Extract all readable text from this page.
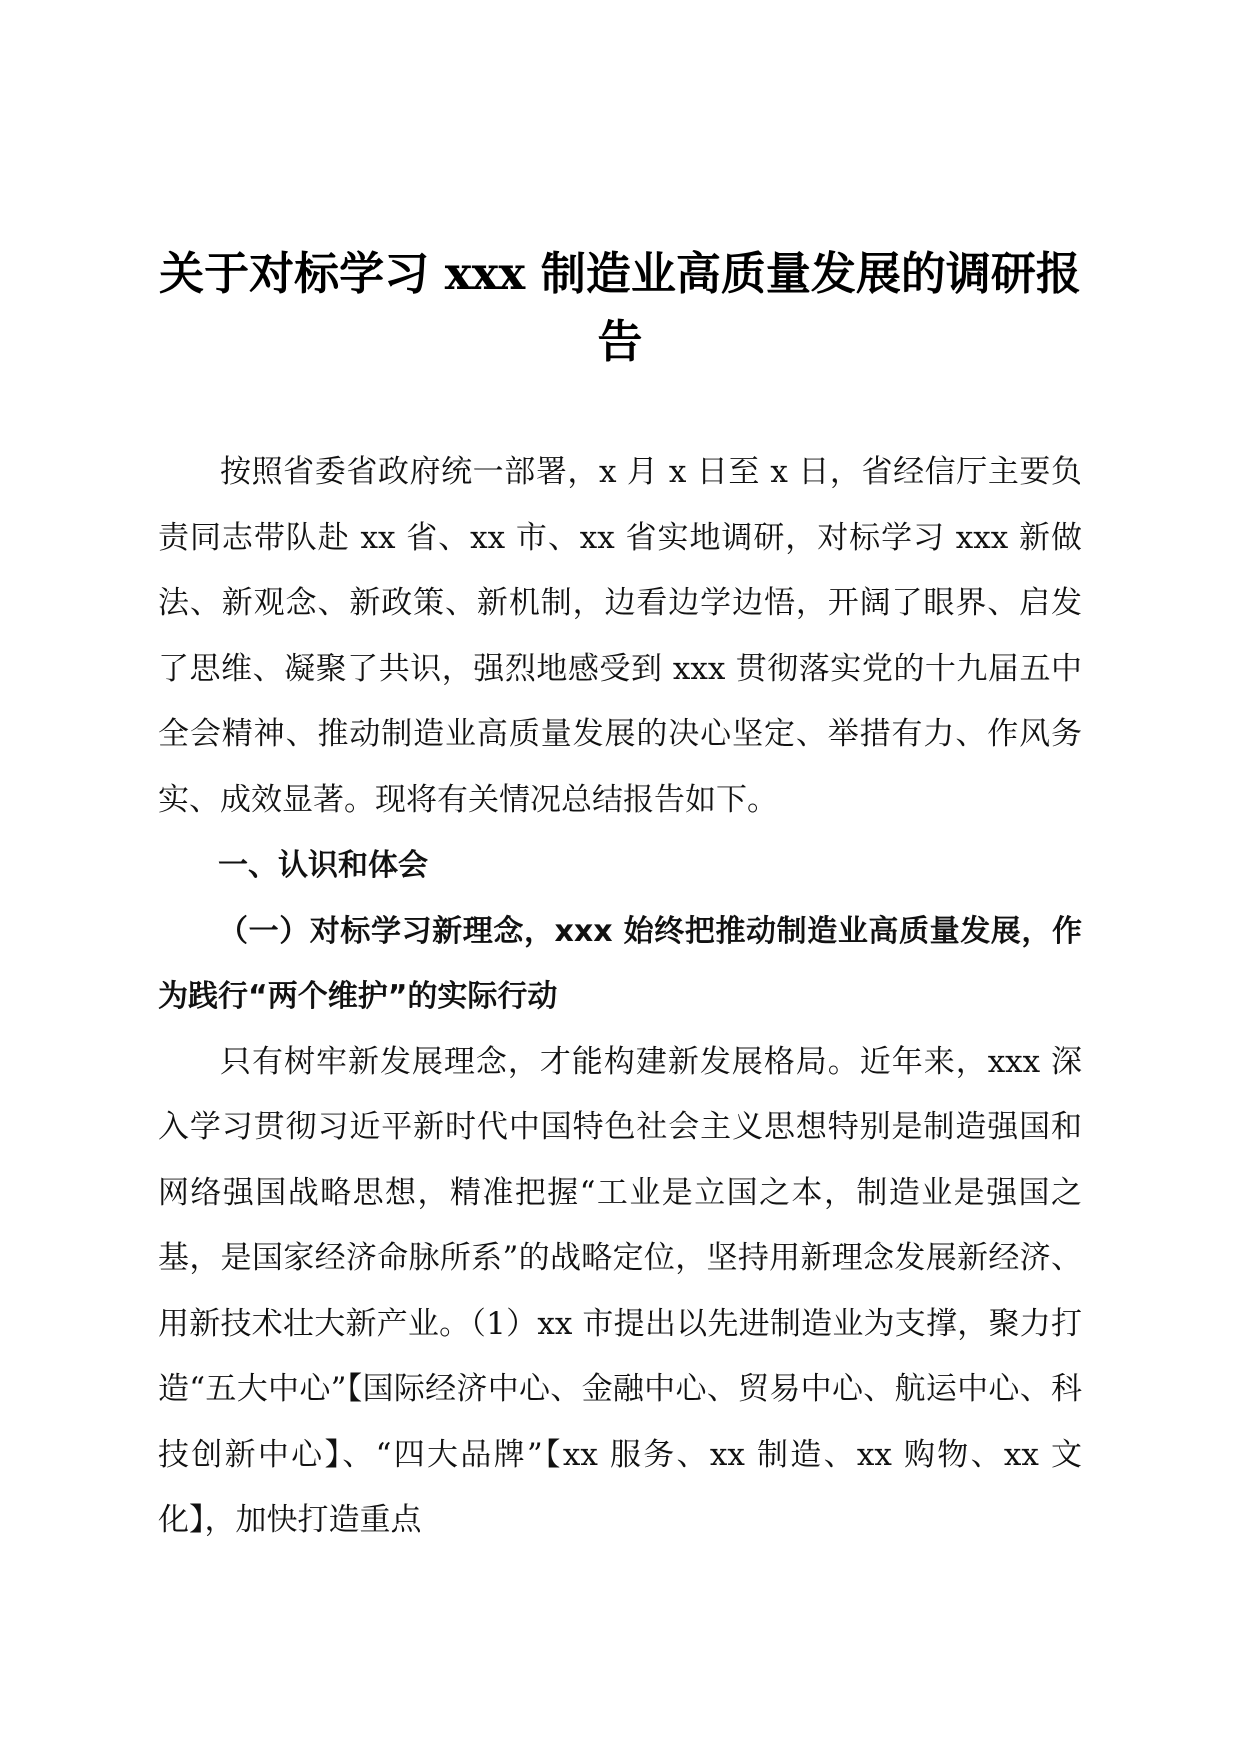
关于对标学习 xxx 制造业高质量发展的调研报告

按照省委省政府统一部署，x 月 x 日至 x 日，省经信厅主要负责同志带队赴 xx 省、xx 市、xx 省实地调研，对标学习 xxx 新做法、新观念、新政策、新机制，边看边学边悟，开阔了眼界、启发了思维、凝聚了共识，强烈地感受到 xxx 贯彻落实党的十九届五中全会精神、推动制造业高质量发展的决心坚定、举措有力、作风务实、成效显著。现将有关情况总结报告如下。

一、认识和体会

（一）对标学习新理念，xxx 始终把推动制造业高质量发展，作为践行“两个维护”的实际行动

只有树牢新发展理念，才能构建新发展格局。近年来，xxx 深入学习贯彻习近平新时代中国特色社会主义思想特别是制造强国和网络强国战略思想，精准把握“工业是立国之本，制造业是强国之基，是国家经济命脉所系”的战略定位，坚持用新理念发展新经济、用新技术壮大新产业。（1）xx 市提出以先进制造业为支撑，聚力打造“五大中心”【国际经济中心、金融中心、贸易中心、航运中心、科技创新中心】、“四大品牌”【xx 服务、xx 制造、xx 购物、xx 文化】，加快打造重点
